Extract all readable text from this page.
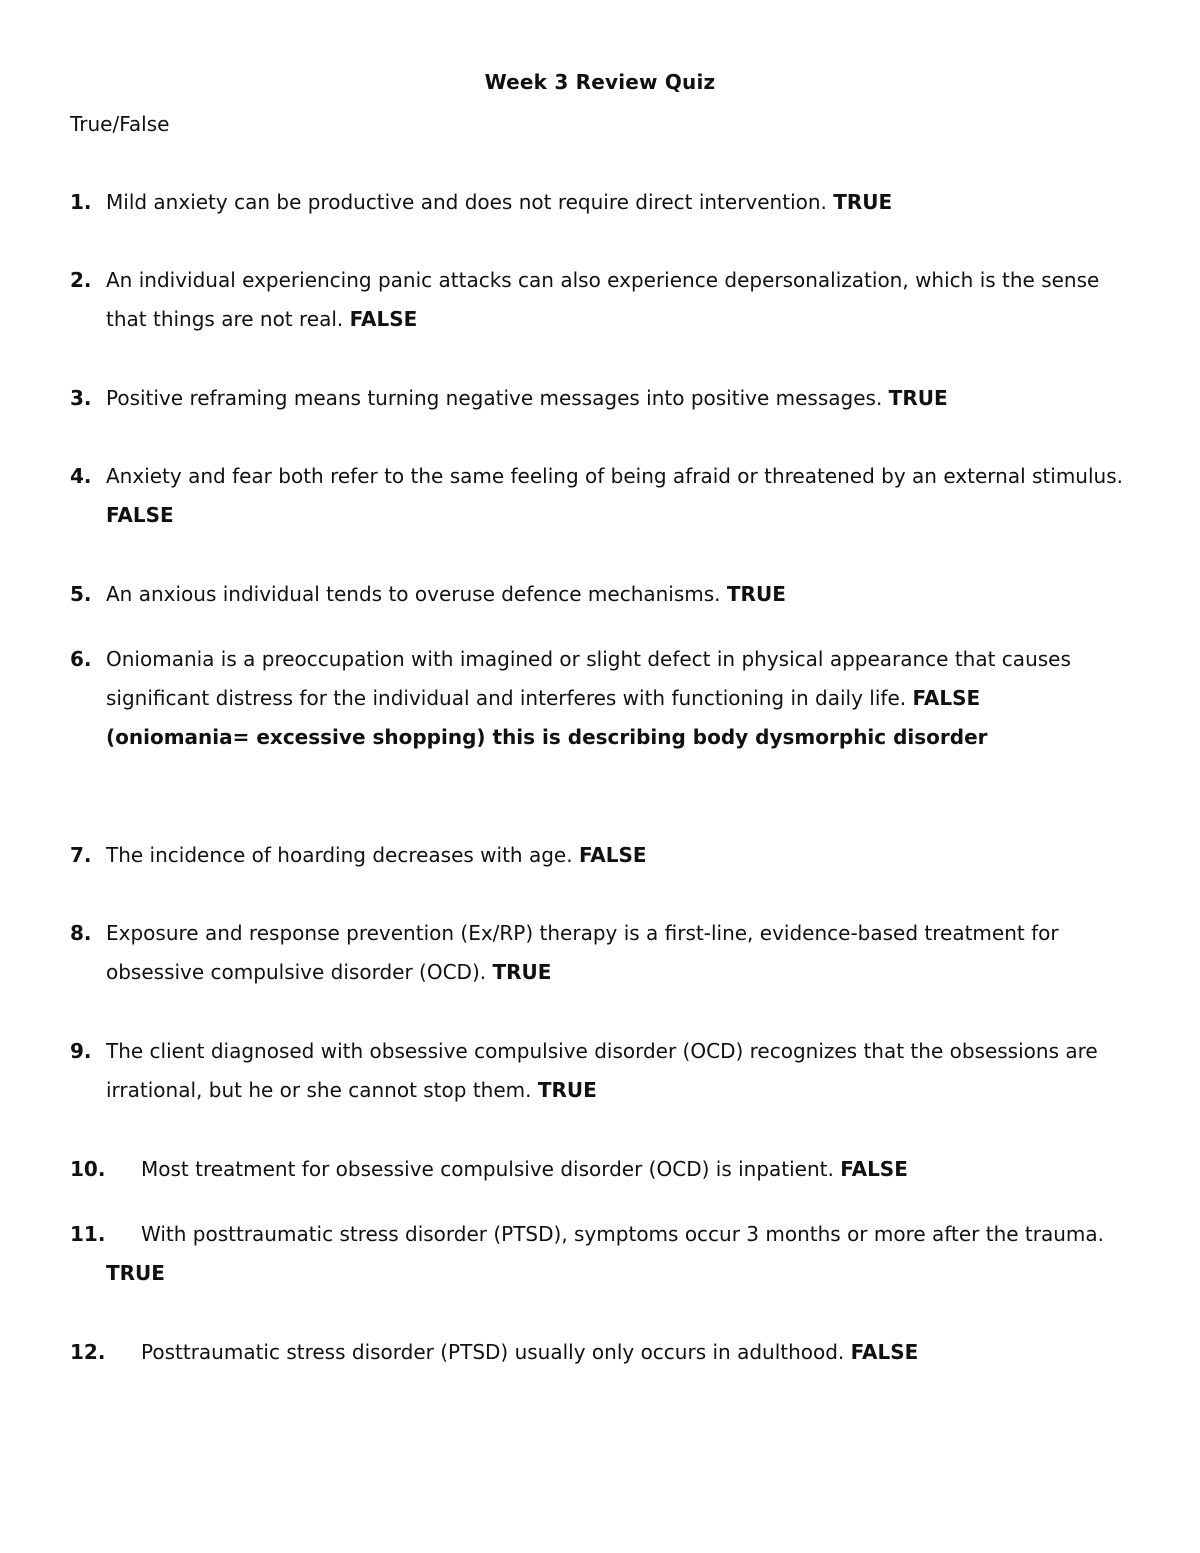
Week 3 Review Quiz
True/False
1. Mild anxiety can be productive and does not require direct intervention. TRUE
2. An individual experiencing panic attacks can also experience depersonalization, which is the sense that things are not real. FALSE
3. Positive reframing means turning negative messages into positive messages. TRUE
4. Anxiety and fear both refer to the same feeling of being afraid or threatened by an external stimulus. FALSE
5. An anxious individual tends to overuse defence mechanisms. TRUE
6. Oniomania is a preoccupation with imagined or slight defect in physical appearance that causes significant distress for the individual and interferes with functioning in daily life. FALSE (oniomania= excessive shopping) this is describing body dysmorphic disorder
7. The incidence of hoarding decreases with age. FALSE
8. Exposure and response prevention (Ex/RP) therapy is a first-line, evidence-based treatment for obsessive compulsive disorder (OCD). TRUE
9. The client diagnosed with obsessive compulsive disorder (OCD) recognizes that the obsessions are irrational, but he or she cannot stop them. TRUE
10.	Most treatment for obsessive compulsive disorder (OCD) is inpatient. FALSE
11.	With posttraumatic stress disorder (PTSD), symptoms occur 3 months or more after the trauma. TRUE
12.	Posttraumatic stress disorder (PTSD) usually only occurs in adulthood. FALSE
